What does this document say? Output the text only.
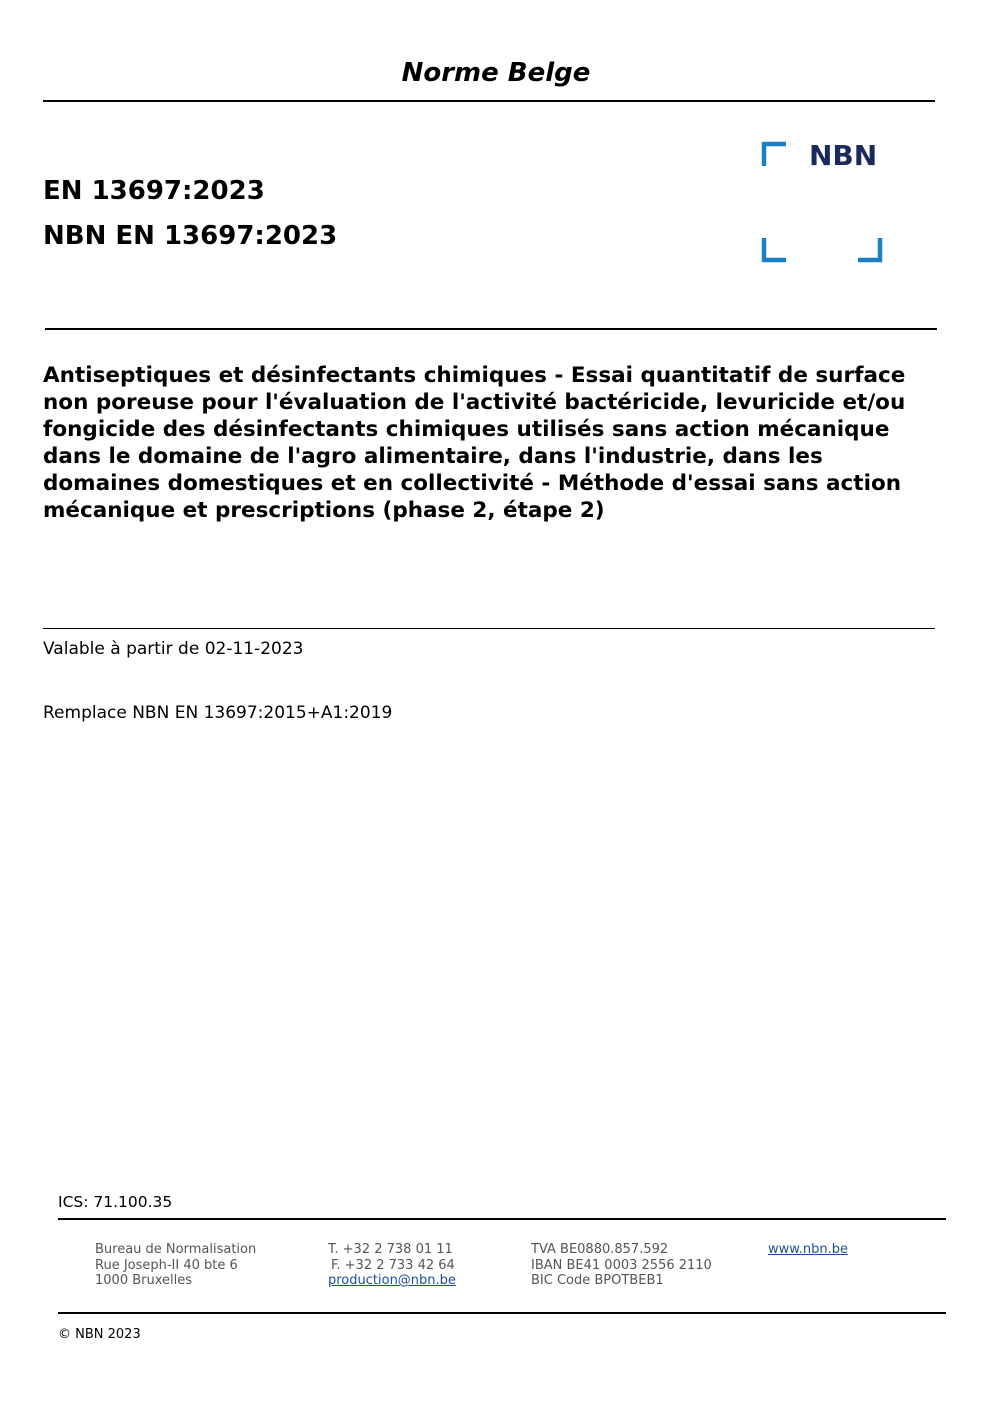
Norme Belge
EN 13697:2023
NBN EN 13697:2023
NBN

Antiseptiques et désinfectants chimiques - Essai quantitatif de surface non poreuse pour l'évaluation de l'activité bactéricide, levuricide et/ou fongicide des désinfectants chimiques utilisés sans action mécanique dans le domaine de l'agro alimentaire, dans l'industrie, dans les domaines domestiques et en collectivité - Méthode d'essai sans action mécanique et prescriptions (phase 2, étape 2)

Valable à partir de 02-11-2023
Remplace NBN EN 13697:2015+A1:2019
ICS: 71.100.35
Bureau de Normalisation
Rue Joseph-II 40 bte 6
1000 Bruxelles
T. +32 2 738 01 11
F. +32 2 733 42 64
production@nbn.be
TVA BE0880.857.592
IBAN BE41 0003 2556 2110
BIC Code BPOTBEB1
www.nbn.be
© NBN 2023
